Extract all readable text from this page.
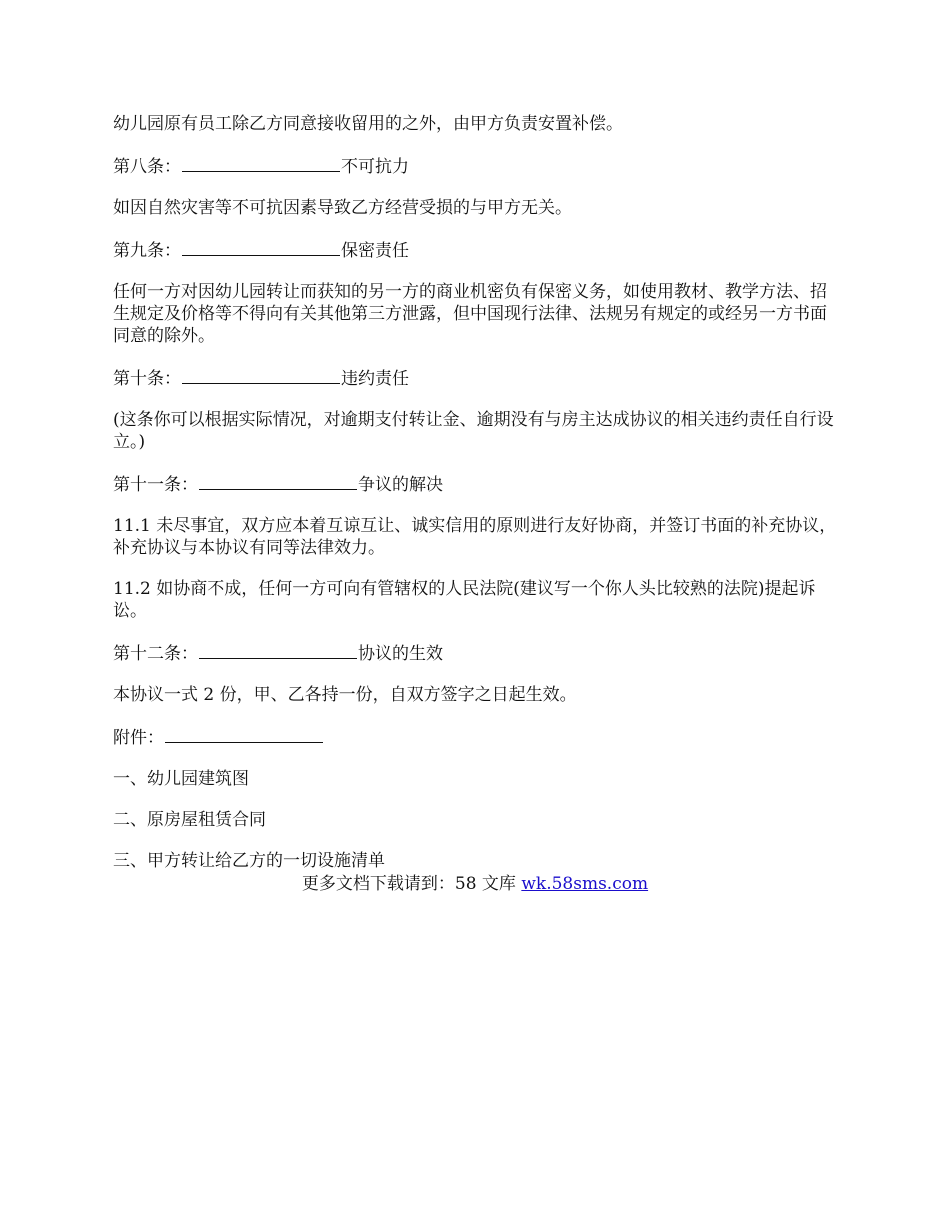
幼儿园原有员工除乙方同意接收留用的之外，由甲方负责安置补偿。

第八条：	不可抗力

如因自然灾害等不可抗因素导致乙方经营受损的与甲方无关。

第九条：	保密责任

任何一方对因幼儿园转让而获知的另一方的商业机密负有保密义务，如使用教材、教学方法、招生规定及价格等不得向有关其他第三方泄露，但中国现行法律、法规另有规定的或经另一方书面同意的除外。

第十条：	违约责任

(这条你可以根据实际情况，对逾期支付转让金、逾期没有与房主达成协议的相关违约责任自行设立。)

第十一条：	争议的解决

11.1 未尽事宜，双方应本着互谅互让、诚实信用的原则进行友好协商，并签订书面的补充协议，补充协议与本协议有同等法律效力。

11.2 如协商不成，任何一方可向有管辖权的人民法院(建议写一个你人头比较熟的法院)提起诉讼。

第十二条：	协议的生效

本协议一式 2 份，甲、乙各持一份，自双方签字之日起生效。

附件：

一、幼儿园建筑图

二、原房屋租赁合同

三、甲方转让给乙方的一切设施清单

更多文档下载请到：58 文库 wk.58sms.com
